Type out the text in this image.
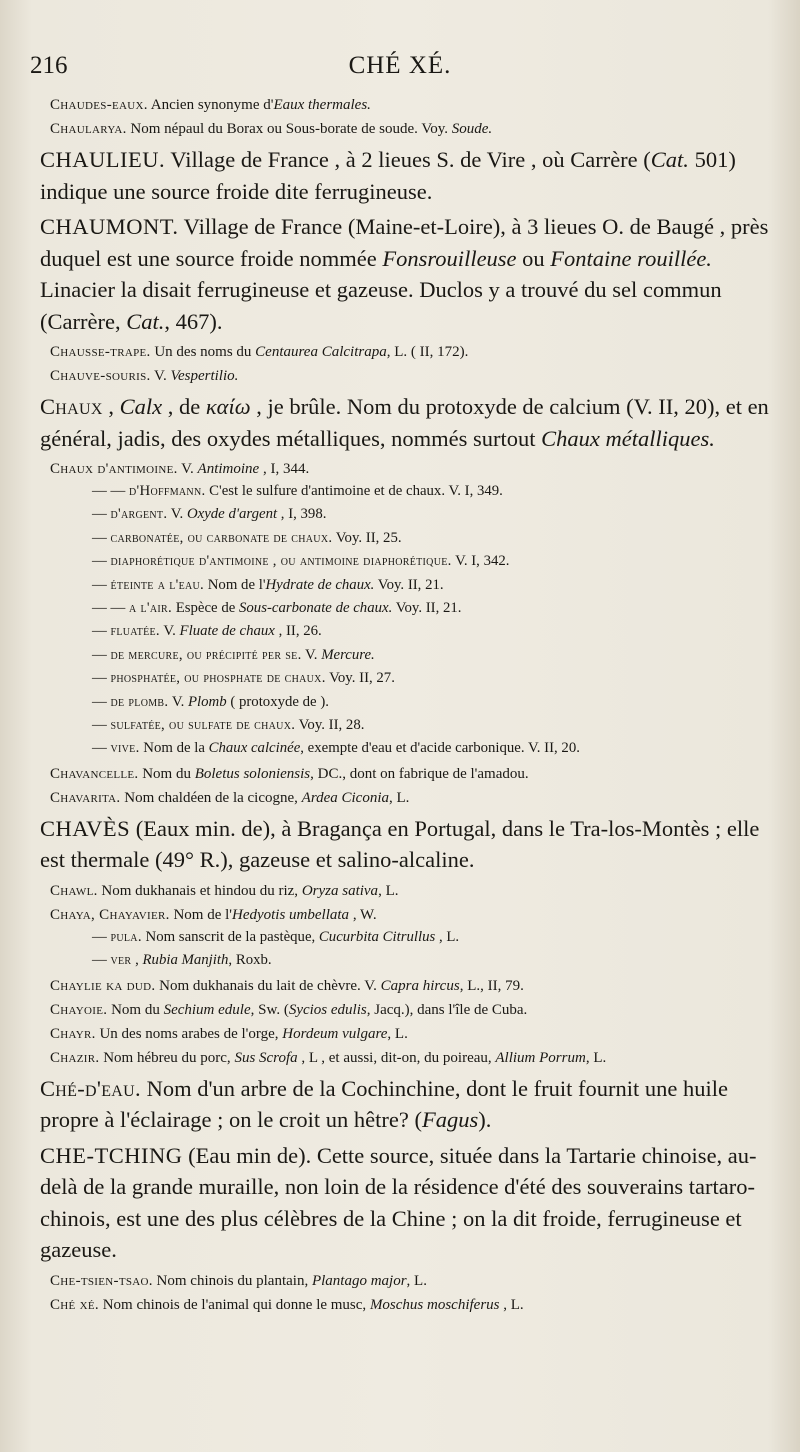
216	CHÉ XÉ.

Chaudes-eaux. Ancien synonyme d'Eaux thermales.

Chaularya. Nom népaul du Borax ou Sous-borate de soude. Voy. Soude.

CHAULIEU. Village de France , à 2 lieues S. de Vire , où Carrère (Cat. 501) indique une source froide dite ferrugineuse.

CHAUMONT. Village de France (Maine-et-Loire), à 3 lieues O. de Baugé , près duquel est une source froide nommée Fonsrouilleuse ou Fontaine rouillée. Linacier la disait ferrugineuse et gazeuse. Duclos y a trouvé du sel commun (Carrère, Cat., 467).

Chausse-trape. Un des noms du Centaurea Calcitrapa, L. ( II, 172).

Chauve-souris. V. Vespertilio.

Chaux , Calx , de καίω , je brûle. Nom du protoxyde de calcium (V. II, 20), et en général, jadis, des oxydes métalliques, nommés surtout Chaux métalliques.

Chaux d'antimoine. V. Antimoine , I, 344.

— — d'Hoffmann. C'est le sulfure d'antimoine et de chaux. V. I, 349.

— d'argent. V. Oxyde d'argent , I, 398.

— carbonatée, ou carbonate de chaux. Voy. II, 25.

— diaphorétique d'antimoine , ou antimoine diaphorétique. V. I, 342.

— éteinte a l'eau. Nom de l'Hydrate de chaux. Voy. II, 21.

— — a l'air. Espèce de Sous-carbonate de chaux. Voy. II, 21.

— fluatée. V. Fluate de chaux , II, 26.

— de mercure, ou précipité per se. V. Mercure.

— phosphatée, ou phosphate de chaux. Voy. II, 27.

— de plomb. V. Plomb ( protoxyde de ).

— sulfatée, ou sulfate de chaux. Voy. II, 28.

— vive. Nom de la Chaux calcinée, exempte d'eau et d'acide carbonique. V. II, 20.

Chavancelle. Nom du Boletus soloniensis, DC., dont on fabrique de l'amadou.

Chavarita. Nom chaldéen de la cicogne, Ardea Ciconia, L.

CHAVÈS (Eaux min. de), à Bragança en Portugal, dans le Tra-los-Montès ; elle est thermale (49° R.), gazeuse et salino-alcaline.

Chawl. Nom dukhanais et hindou du riz, Oryza sativa, L.

Chaya, Chayavier. Nom de l'Hedyotis umbellata , W.

— pula. Nom sanscrit de la pastèque, Cucurbita Citrullus , L.

— ver , Rubia Manjith, Roxb.

Chaylie ka dud. Nom dukhanais du lait de chèvre. V. Capra hircus, L., II, 79.

Chayoie. Nom du Sechium edule, Sw. (Sycios edulis, Jacq.), dans l'île de Cuba.

Chayr. Un des noms arabes de l'orge, Hordeum vulgare, L.

Chazir. Nom hébreu du porc, Sus Scrofa , L , et aussi, dit-on, du poireau, Allium Porrum, L.

Ché-d'eau. Nom d'un arbre de la Cochinchine, dont le fruit fournit une huile propre à l'éclairage ; on le croit un hêtre? (Fagus).

CHE-TCHING (Eau min de). Cette source, située dans la Tartarie chinoise, au-delà de la grande muraille, non loin de la résidence d'été des souverains tartaro-chinois, est une des plus célèbres de la Chine ; on la dit froide, ferrugineuse et gazeuse.

Che-tsien-tsao. Nom chinois du plantain, Plantago major, L.

Ché xé. Nom chinois de l'animal qui donne le musc, Moschus moschiferus , L.
